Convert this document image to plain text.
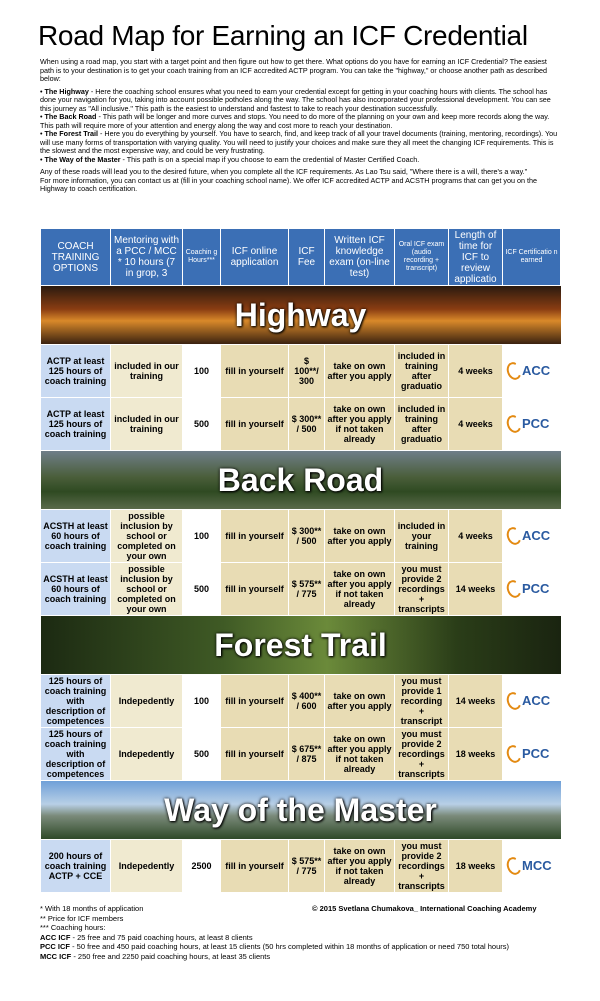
Road Map for Earning an ICF Credential

When using a road map, you start with a target point and then figure out how to get there. What options do you have for earning an ICF Credential? The easiest path is to your destination is to get your coach training from an ICF accredited ACTP program. You can take the "highway," or choose another path as described below:

• The Highway - Here the coaching school ensures what you need to earn your credential except for getting in your coaching hours with clients. The school has done your navigation for you, taking into account possible potholes along the way. The school has also incorporated your professional development. You can see this journey as "All inclusive." This path is the easiest to understand and fastest to take to reach your destination successfully.

• The Back Road - This path will be longer and more curves and stops. You need to do more of the planning on your own and keep more records along the way. This path will require more of your attention and energy along the way and cost more to reach your destination.

• The Forest Trail - Here you do everything by yourself. You have to search, find, and keep track of all your travel documents (training, mentoring, recordings). You will use many forms of transportation with varying quality. You will need to justify your choices and make sure they all meet the changing ICF requirements. This is the slowest and the most expensive way, and could be very frustrating.

• The Way of the Master - This path is on a special map if you choose to earn the credential of Master Certified Coach.

Any of these roads will lead you to the desired future, when you complete all the ICF requirements. As Lao Tsu said, "Where there is a will, there's a way."

For more information, you can contact us at (fill in your coaching school name). We offer ICF accredited ACTP and ACSTH programs that can get you on the Highway to coach certification.

COACH TRAINING OPTIONS	Mentoring with a PCC / MCC * 10 hours (7 in grop, 3	Coachin g Hours***	ICF online application	ICF Fee	Written ICF knowledge exam (on-line test)	Oral ICF exam (audio recording + transcript)	Length of time for ICF to review applicatio	ICF Certificatio n earned

Highway								

ACTP at least 125 hours of coach training	included in our training	100	fill in yourself	$ 100**/ 300	take on own after you apply	included in training after graduatio	4 weeks	ACC

ACTP at least 125 hours of coach training	included in our training	500	fill in yourself	$ 300** / 500	take on own after you apply if not taken already	included in training after graduatio	4 weeks	PCC

Back Road								

ACSTH at least 60 hours of coach training	possible inclusion by school or completed on your own	100	fill in yourself	$ 300** / 500	take on own after you apply	included in your training	4 weeks	ACC

ACSTH at least 60 hours of coach training	possible inclusion by school or completed on your own	500	fill in yourself	$ 575** / 775	take on own after you apply if not taken already	you must provide 2 recordings + transcripts	14 weeks	PCC

Forest Trail								

125 hours of coach training with description of competences	Indepedently	100	fill in yourself	$ 400** / 600	take on own after you apply	you must provide 1 recording + transcript	14 weeks	ACC

125 hours of coach training with description of competences	Indepedently	500	fill in yourself	$ 675** / 875	take on own after you apply if not taken already	you must provide 2 recordings + transcripts	18 weeks	PCC

Way of the Master								

200 hours of coach training ACTP + CCE	Indepedently	2500	fill in yourself	$ 575** / 775	take on own after you apply if not taken already	you must provide 2 recordings + transcripts	18 weeks	MCC
* With 18 months of application
** Price for ICF members
*** Coaching hours:
ACC ICF - 25 free and 75 paid coaching hours, at least 8 clients
PCC ICF - 50 free and 450 paid coaching hours, at least 15 clients (50 hrs completed within 18 months of application or need 750 total hours)
MCC ICF - 250 free and 2250 paid coaching hours, at least 35 clients
© 2015 Svetlana Chumakova_ International Coaching Academy
